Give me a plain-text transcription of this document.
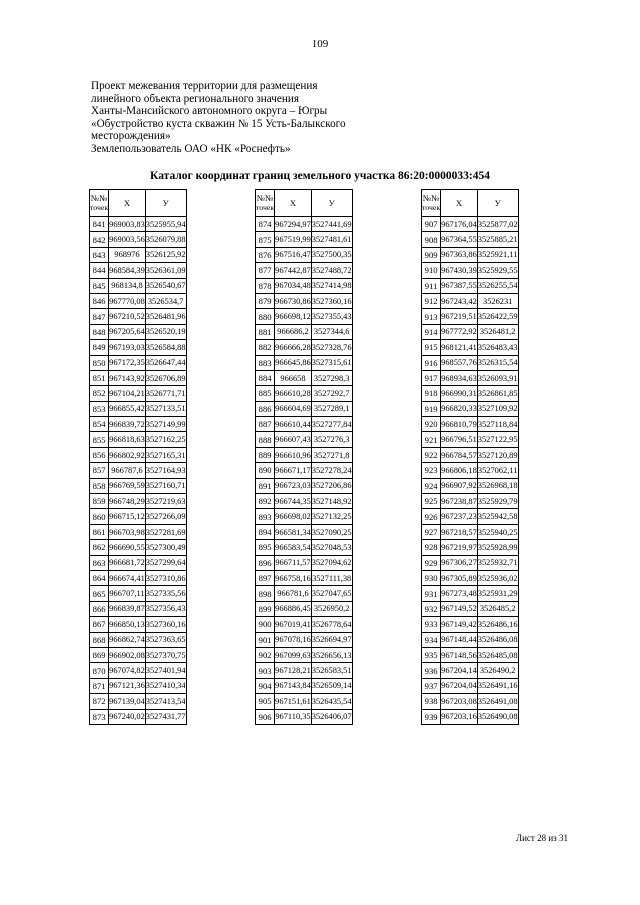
109
Проект межевания территории для размещения
линейного объекта регионального значения
Ханты-Мансийского автономного округа – Югры
«Обустройство куста скважин № 15 Усть-Балыкского
месторождения»
Землепользователь ОАО «НК «Роснефть»
Каталог координат границ земельного участка 86:20:0000033:454
№№
точек	X	У
841	969003,83	3525955,94
842	969003,56	3526079,88
843	968976	3526125,92
844	968584,39	3526361,09
845	968134,8	3526540,67
846	967770,08	3526534,7
847	967210,52	3526481,96
848	967205,64	3526520,19
849	967193,03	3526584,88
850	967172,35	3526647,44
851	967143,92	3526706,89
852	967104,21	3526771,71
853	966855,42	3527133,51
854	966839,72	3527149,99
855	966818,63	3527162,25
856	966802,92	3527165,31
857	966787,6	3527164,93
858	966769,59	3527160,71
859	966748,29	3527219,63
860	966715,12	3527266,09
861	966703,98	3527281,69
862	966690,55	3527300,49
863	966681,72	3527299,64
864	966674,41	3527310,86
865	966707,11	3527335,56
866	966839,87	3527356,43
867	966850,13	3527360,16
868	966862,74	3527363,65
869	966902,08	3527370,75
870	967074,82	3527401,94
871	967121,36	3527410,34
872	967139,04	3527413,54
873	967240,02	3527431,77
№№
точек	X	У
874	967294,97	3527441,69
875	967519,99	3527481,61
876	967516,47	3527500,35
877	967442,87	3527488,72
878	967034,48	3527414,98
879	966730,86	3527360,16
880	966698,12	3527355,43
881	966686,2	3527344,6
882	966666,28	3527328,76
883	966645,86	3527315,61
884	966658	3527298,3
885	966610,28	3527292,7
886	966604,69	3527289,1
887	966610,44	3527277,84
888	966607,43	3527276,3
889	966610,96	3527271,8
890	966671,17	3527278,24
891	966723,03	3527206,86
892	966744,35	3527148,92
893	966698,02	3527132,25
894	966581,34	3527090,25
895	966583,54	3527048,53
896	966711,57	3527094,62
897	966758,16	3527111,38
898	966781,6	3527047,65
899	966886,45	3526950,2
900	967019,41	3526778,64
901	967078,16	3526694,97
902	967099,63	3526656,13
903	967128,21	3526583,51
904	967143,84	3526509,14
905	967151,61	3526435,54
906	967110,35	3526406,07
№№
точек	X	У
907	967176,04	3525877,02
908	967364,55	3525885,21
909	967363,86	3525921,11
910	967430,39	3525929,55
911	967387,55	3526255,54
912	967243,42	3526231
913	967219,51	3526422,59
914	967772,92	3526481,2
915	968121,41	3526483,43
916	968557,76	3526315,54
917	968934,63	3526093,91
918	966990,31	3526861,85
919	966820,33	3527109,92
920	966810,79	3527118,84
921	966796,51	3527122,95
922	966784,57	3527120,89
923	966806,18	3527062,11
924	966907,92	3526968,18
925	967238,87	3525929,79
926	967237,23	3525942,58
927	967218,57	3525940,25
928	967219,97	3525928,99
929	967306,27	3525932,71
930	967305,89	3525936,02
931	967273,48	3525931,29
932	967149,52	3526485,2
933	967149,42	3526486,16
934	967148,44	3526486,08
935	967148,56	3526485,08
936	967204,14	3526490,2
937	967204,04	3526491,16
938	967203,08	3526491,08
939	967203,16	3526490,08
Лист 28 из 31
